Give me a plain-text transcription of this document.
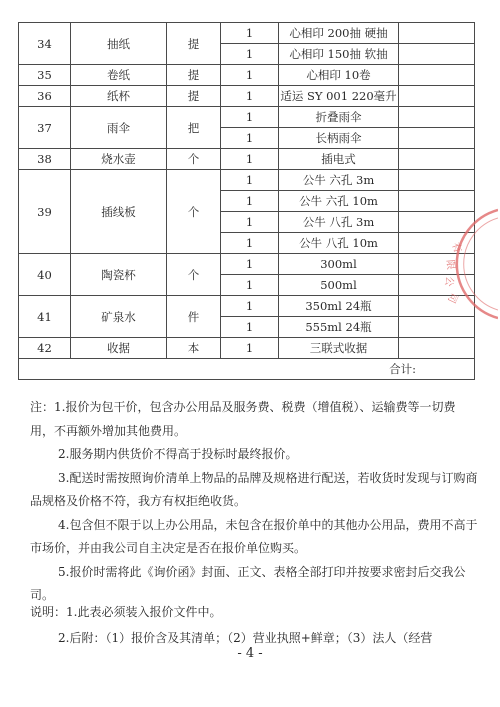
34	抽纸	提	1	心相印 200抽 硬抽	
			1	心相印 150抽 软抽	
35	卷纸	提	1	心相印 10卷	
36	纸杯	提	1	适运 SY 001 220毫升	
37	雨伞	把	1	折叠雨伞	
			1	长柄雨伞	
38	烧水壶	个	1	插电式	
39	插线板	个	1	公牛 六孔 3m	
			1	公牛 六孔 10m	
			1	公牛 八孔 3m	
			1	公牛 八孔 10m	
40	陶瓷杯	个	1	300ml	
			1	500ml	
41	矿泉水	件	1	350ml 24瓶	
			1	555ml 24瓶	
42	收据	本	1	三联式收据	
合计:					
有
限
公
司

注：1.报价为包干价，包含办公用品及服务费、税费（增值税）、运输费等一切费用，不再额外增加其他费用。

2.服务期内供货价不得高于投标时最终报价。

3.配送时需按照询价清单上物品的品牌及规格进行配送，若收货时发现与订购商品规格及价格不符，我方有权拒绝收货。

4.包含但不限于以上办公用品，未包含在报价单中的其他办公用品，费用不高于市场价，并由我公司自主决定是否在报价单位购买。

5.报价时需将此《询价函》封面、正文、表格全部打印并按要求密封后交我公司。

说明：1.此表必须装入报价文件中。

2.后附：（1）报价含及其清单；（2）营业执照+鲜章；（3）法人（经营

- 4 -
